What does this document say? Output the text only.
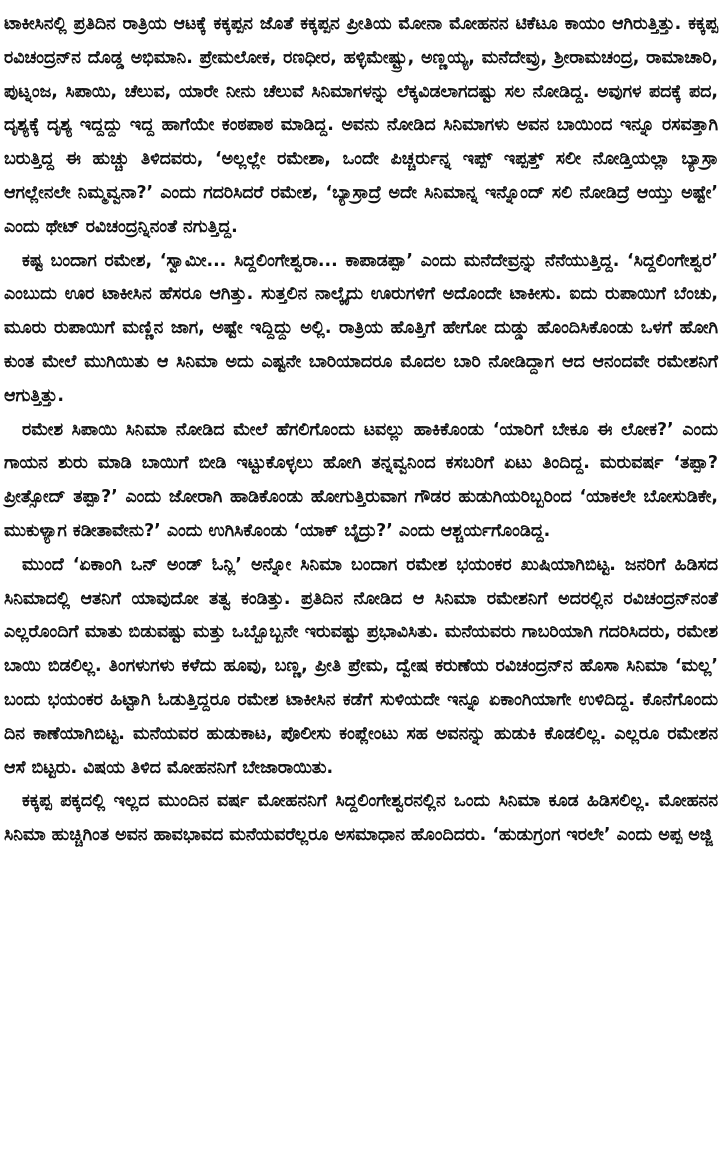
ಟಾಕೀಸಿನಲ್ಲಿ ಪ್ರತಿದಿನ ರಾತ್ರಿಯ ಆಟಕ್ಕೆ ಕಕ್ಕಪ್ಪನ ಜೊತೆ ಕಕ್ಕಪ್ಪನ ಪ್ರೀತಿಯ ಮೋನಾ ಮೋಹನನ ಟಿಕೆಟೂ ಕಾಯಂ ಆಗಿರುತ್ತಿತ್ತು. ಕಕ್ಕಪ್ಪ ರವಿಚಂದ್ರನ್‌ನ ದೊಡ್ಡ ಅಭಿಮಾನಿ. ಪ್ರೇಮಲೋಕ, ರಣಧೀರ, ಹಳ್ಳಿಮೇಷ್ಟ್ರು, ಅಣ್ಣಯ್ಯ, ಮನೆದೇವ್ರು, ಶ್ರೀರಾಮಚಂದ್ರ, ರಾಮಾಚಾರಿ, ಪುಟ್ನಂಜ, ಸಿಪಾಯಿ, ಚೆಲುವ, ಯಾರೇ ನೀನು ಚೆಲುವೆ ಸಿನಿಮಾಗಳನ್ನು ಲೆಕ್ಕವಿಡಲಾಗದಷ್ಟು ಸಲ ನೋಡಿದ್ದ. ಅವುಗಳ ಪದಕ್ಕೆ ಪದ, ದೃಶ್ಯಕ್ಕೆ ದೃಶ್ಯ ಇದ್ದದ್ದು ಇದ್ದ ಹಾಗೆಯೇ ಕಂಠಪಾಠ ಮಾಡಿದ್ದ. ಅವನು ನೋಡಿದ ಸಿನಿಮಾಗಳು ಅವನ ಬಾಯಿಂದ ಇನ್ನೂ ರಸವತ್ತಾಗಿ ಬರುತ್ತಿದ್ದ ಈ ಹುಚ್ಚು ತಿಳಿದವರು, ‘ಅಲ್ಲಲ್ಲೇ ರಮೇಶಾ, ಒಂದೇ ಪಿಚ್ಚರ್ರುನ್ನ ಇಪ್ಪ್ ಇಪ್ಪತ್ತ್ ಸಲೀ ನೋಡ್ತಿಯಲ್ಲಾ ಬ್ಯಾಸ್ರಾ ಆಗಲ್ಲೇನಲೇ ನಿಮ್ಮವ್ವನಾ?’ ಎಂದು ಗದರಿಸಿದರೆ ರಮೇಶ, ‘ಬ್ಯಾಸ್ರಾದ್ರೆ ಅದೇ ಸಿನಿಮಾನ್ನ ಇನ್ನೊಂದ್ ಸಲಿ ನೋಡಿದ್ರೆ ಆಯ್ತು ಅಷ್ಟೇ’ ಎಂದು ಥೇಟ್ ರವಿಚಂದ್ರನ್ನಿನಂತೆ ನಗುತ್ತಿದ್ದ.

ಕಷ್ಟ ಬಂದಾಗ ರಮೇಶ, ‘ಸ್ವಾಮೀ... ಸಿದ್ದಲಿಂಗೇಶ್ವರಾ... ಕಾಪಾಡಪ್ಪಾ’ ಎಂದು ಮನೆದೇವ್ರನ್ನು ನೆನೆಯುತ್ತಿದ್ದ. ‘ಸಿದ್ದಲಿಂಗೇಶ್ವರ’ ಎಂಬುದು ಊರ ಟಾಕೀಸಿನ ಹೆಸರೂ ಆಗಿತ್ತು. ಸುತ್ತಲಿನ ನಾಲ್ಕೈದು ಊರುಗಳಿಗೆ ಅದೊಂದೇ ಟಾಕೀಸು. ಐದು ರುಪಾಯಿಗೆ ಬೆಂಚು, ಮೂರು ರುಪಾಯಿಗೆ ಮಣ್ಣಿನ ಜಾಗ, ಅಷ್ಟೇ ಇದ್ದಿದ್ದು ಅಲ್ಲಿ. ರಾತ್ರಿಯ ಹೊತ್ತಿಗೆ ಹೇಗೋ ದುಡ್ಡು ಹೊಂದಿಸಿಕೊಂಡು ಒಳಗೆ ಹೋಗಿ ಕುಂತ ಮೇಲೆ ಮುಗಿಯಿತು ಆ ಸಿನಿಮಾ ಅದು ಎಷ್ಟನೇ ಬಾರಿಯಾದರೂ ಮೊದಲ ಬಾರಿ ನೋಡಿದ್ದಾಗ ಆದ ಆನಂದವೇ ರಮೇಶನಿಗೆ ಆಗುತ್ತಿತ್ತು.

ರಮೇಶ ಸಿಪಾಯಿ ಸಿನಿಮಾ ನೋಡಿದ ಮೇಲೆ ಹೆಗಲಿಗೊಂದು ಟವಲ್ಲು ಹಾಕಿಕೊಂಡು ‘ಯಾರಿಗೆ ಬೇಕೂ ಈ ಲೋಕ?’ ಎಂದು ಗಾಯನ ಶುರು ಮಾಡಿ ಬಾಯಿಗೆ ಬೀಡಿ ಇಟ್ಟುಕೊಳ್ಳಲು ಹೋಗಿ ತನ್ನವ್ವನಿಂದ ಕಸಬರಿಗೆ ಏಟು ತಿಂದಿದ್ದ. ಮರುವರ್ಷ ‘ತಪ್ಪಾ? ಪ್ರೀತ್ಸೋದ್ ತಪ್ಪಾ?’ ಎಂದು ಜೋರಾಗಿ ಹಾಡಿಕೊಂಡು ಹೋಗುತ್ತಿರುವಾಗ ಗೌಡರ ಹುಡುಗಿಯರಿಬ್ಬರಿಂದ ‘ಯಾಕಲೇ ಬೋಸುಡಿಕೇ, ಮುಕುಳ್ಯಾಗ ಕಡೀತಾವೇನು?’ ಎಂದು ಉಗಿಸಿಕೊಂಡು ‘ಯಾಕ್ ಬೈದ್ರು?’ ಎಂದು ಆಶ್ಚರ್ಯಗೊಂಡಿದ್ದ.

ಮುಂದೆ ‘ಏಕಾಂಗಿ ಒನ್ ಅಂಡ್ ಓನ್ಲಿ’ ಅನ್ನೋ ಸಿನಿಮಾ ಬಂದಾಗ ರಮೇಶ ಭಯಂಕರ ಖುಷಿಯಾಗಿಬಿಟ್ಟ. ಜನರಿಗೆ ಹಿಡಿಸದ ಸಿನಿಮಾದಲ್ಲಿ ಆತನಿಗೆ ಯಾವುದೋ ತತ್ವ ಕಂಡಿತ್ತು. ಪ್ರತಿದಿನ ನೋಡಿದ ಆ ಸಿನಿಮಾ ರಮೇಶನಿಗೆ ಅದರಲ್ಲಿನ ರವಿಚಂದ್ರನ್‌ನಂತೆ ಎಲ್ಲರೊಂದಿಗೆ ಮಾತು ಬಿಡುವಷ್ಟು ಮತ್ತು ಒಬ್ಬೊಬ್ಬನೇ ಇರುವಷ್ಟು ಪ್ರಭಾವಿಸಿತು. ಮನೆಯವರು ಗಾಬರಿಯಾಗಿ ಗದರಿಸಿದರು, ರಮೇಶ ಬಾಯಿ ಬಿಡಲಿಲ್ಲ. ತಿಂಗಳುಗಳು ಕಳೆದು ಹೂವು, ಬಣ್ಣ, ಪ್ರೀತಿ ಪ್ರೇಮ, ದ್ವೇಷ ಕರುಣೆಯ ರವಿಚಂದ್ರನ್‌ನ ಹೊಸಾ ಸಿನಿಮಾ ‘ಮಲ್ಲ’ ಬಂದು ಭಯಂಕರ ಹಿಟ್ಟಾಗಿ ಓಡುತ್ತಿದ್ದರೂ ರಮೇಶ ಟಾಕೀಸಿನ ಕಡೆಗೆ ಸುಳಿಯದೇ ಇನ್ನೂ ಏಕಾಂಗಿಯಾಗೇ ಉಳಿದಿದ್ದ. ಕೊನೆಗೊಂದು ದಿನ ಕಾಣೆಯಾಗಿಬಿಟ್ಟ. ಮನೆಯವರ ಹುಡುಕಾಟ, ಪೊಲೀಸು ಕಂಪ್ಲೇಂಟು ಸಹ ಅವನನ್ನು ಹುಡುಕಿ ಕೊಡಲಿಲ್ಲ. ಎಲ್ಲರೂ ರಮೇಶನ ಆಸೆ ಬಿಟ್ಟರು. ವಿಷಯ ತಿಳಿದ ಮೋಹನನಿಗೆ ಬೇಜಾರಾಯಿತು.

ಕಕ್ಕಪ್ಪ ಪಕ್ಕದಲ್ಲಿ ಇಲ್ಲದ ಮುಂದಿನ ವರ್ಷ ಮೋಹನನಿಗೆ ಸಿದ್ದಲಿಂಗೇಶ್ವರನಲ್ಲಿನ ಒಂದು ಸಿನಿಮಾ ಕೂಡ ಹಿಡಿಸಲಿಲ್ಲ. ಮೋಹನನ ಸಿನಿಮಾ ಹುಚ್ಚಿಗಿಂತ ಅವನ ಹಾವಭಾವದ ಮನೆಯವರೆಲ್ಲರೂ ಅಸಮಾಧಾನ ಹೊಂದಿದರು. ‘ಹುಡುಗ್ರಂಗ ಇರಲೇ’ ಎಂದು ಅಪ್ಪ ಅಜ್ಜಿ
